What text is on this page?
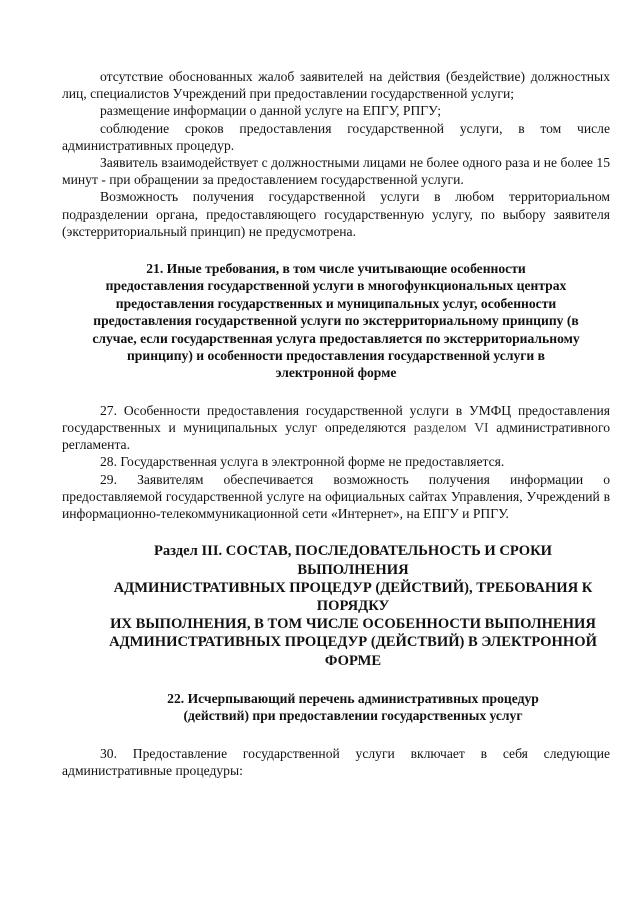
отсутствие обоснованных жалоб заявителей на действия (бездействие) должностных лиц, специалистов Учреждений при предоставлении государственной услуги;

размещение информации о данной услуге на ЕПГУ, РПГУ;

соблюдение сроков предоставления государственной услуги, в том числе административных процедур.

Заявитель взаимодействует с должностными лицами не более одного раза и не более 15 минут - при обращении за предоставлением государственной услуги.

Возможность получения государственной услуги в любом территориальном подразделении органа, предоставляющего государственную услугу, по выбору заявителя (экстерриториальный принцип) не предусмотрена.

21. Иные требования, в том числе учитывающие особенности

предоставления государственной услуги в многофункциональных центрах

предоставления государственных и муниципальных услуг, особенности

предоставления государственной услуги по экстерриториальному принципу (в

случае, если государственная услуга предоставляется по экстерриториальному

принципу) и особенности предоставления государственной услуги в

электронной форме

27. Особенности предоставления государственной услуги в УМФЦ предоставления государственных и муниципальных услуг определяются разделом VI административного регламента.

28. Государственная услуга в электронной форме не предоставляется.

29. Заявителям обеспечивается возможность получения информации о предоставляемой государственной услуге на официальных сайтах Управления, Учреждений в информационно-телекоммуникационной сети «Интернет», на ЕПГУ и РПГУ.

Раздел III. СОСТАВ, ПОСЛЕДОВАТЕЛЬНОСТЬ И СРОКИ

ВЫПОЛНЕНИЯ

АДМИНИСТРАТИВНЫХ ПРОЦЕДУР (ДЕЙСТВИЙ), ТРЕБОВАНИЯ К

ПОРЯДКУ

ИХ ВЫПОЛНЕНИЯ, В ТОМ ЧИСЛЕ ОСОБЕННОСТИ ВЫПОЛНЕНИЯ

АДМИНИСТРАТИВНЫХ ПРОЦЕДУР (ДЕЙСТВИЙ) В ЭЛЕКТРОННОЙ

ФОРМЕ

22. Исчерпывающий перечень административных процедур

(действий) при предоставлении государственных услуг

30. Предоставление государственной услуги включает в себя следующие административные процедуры:
